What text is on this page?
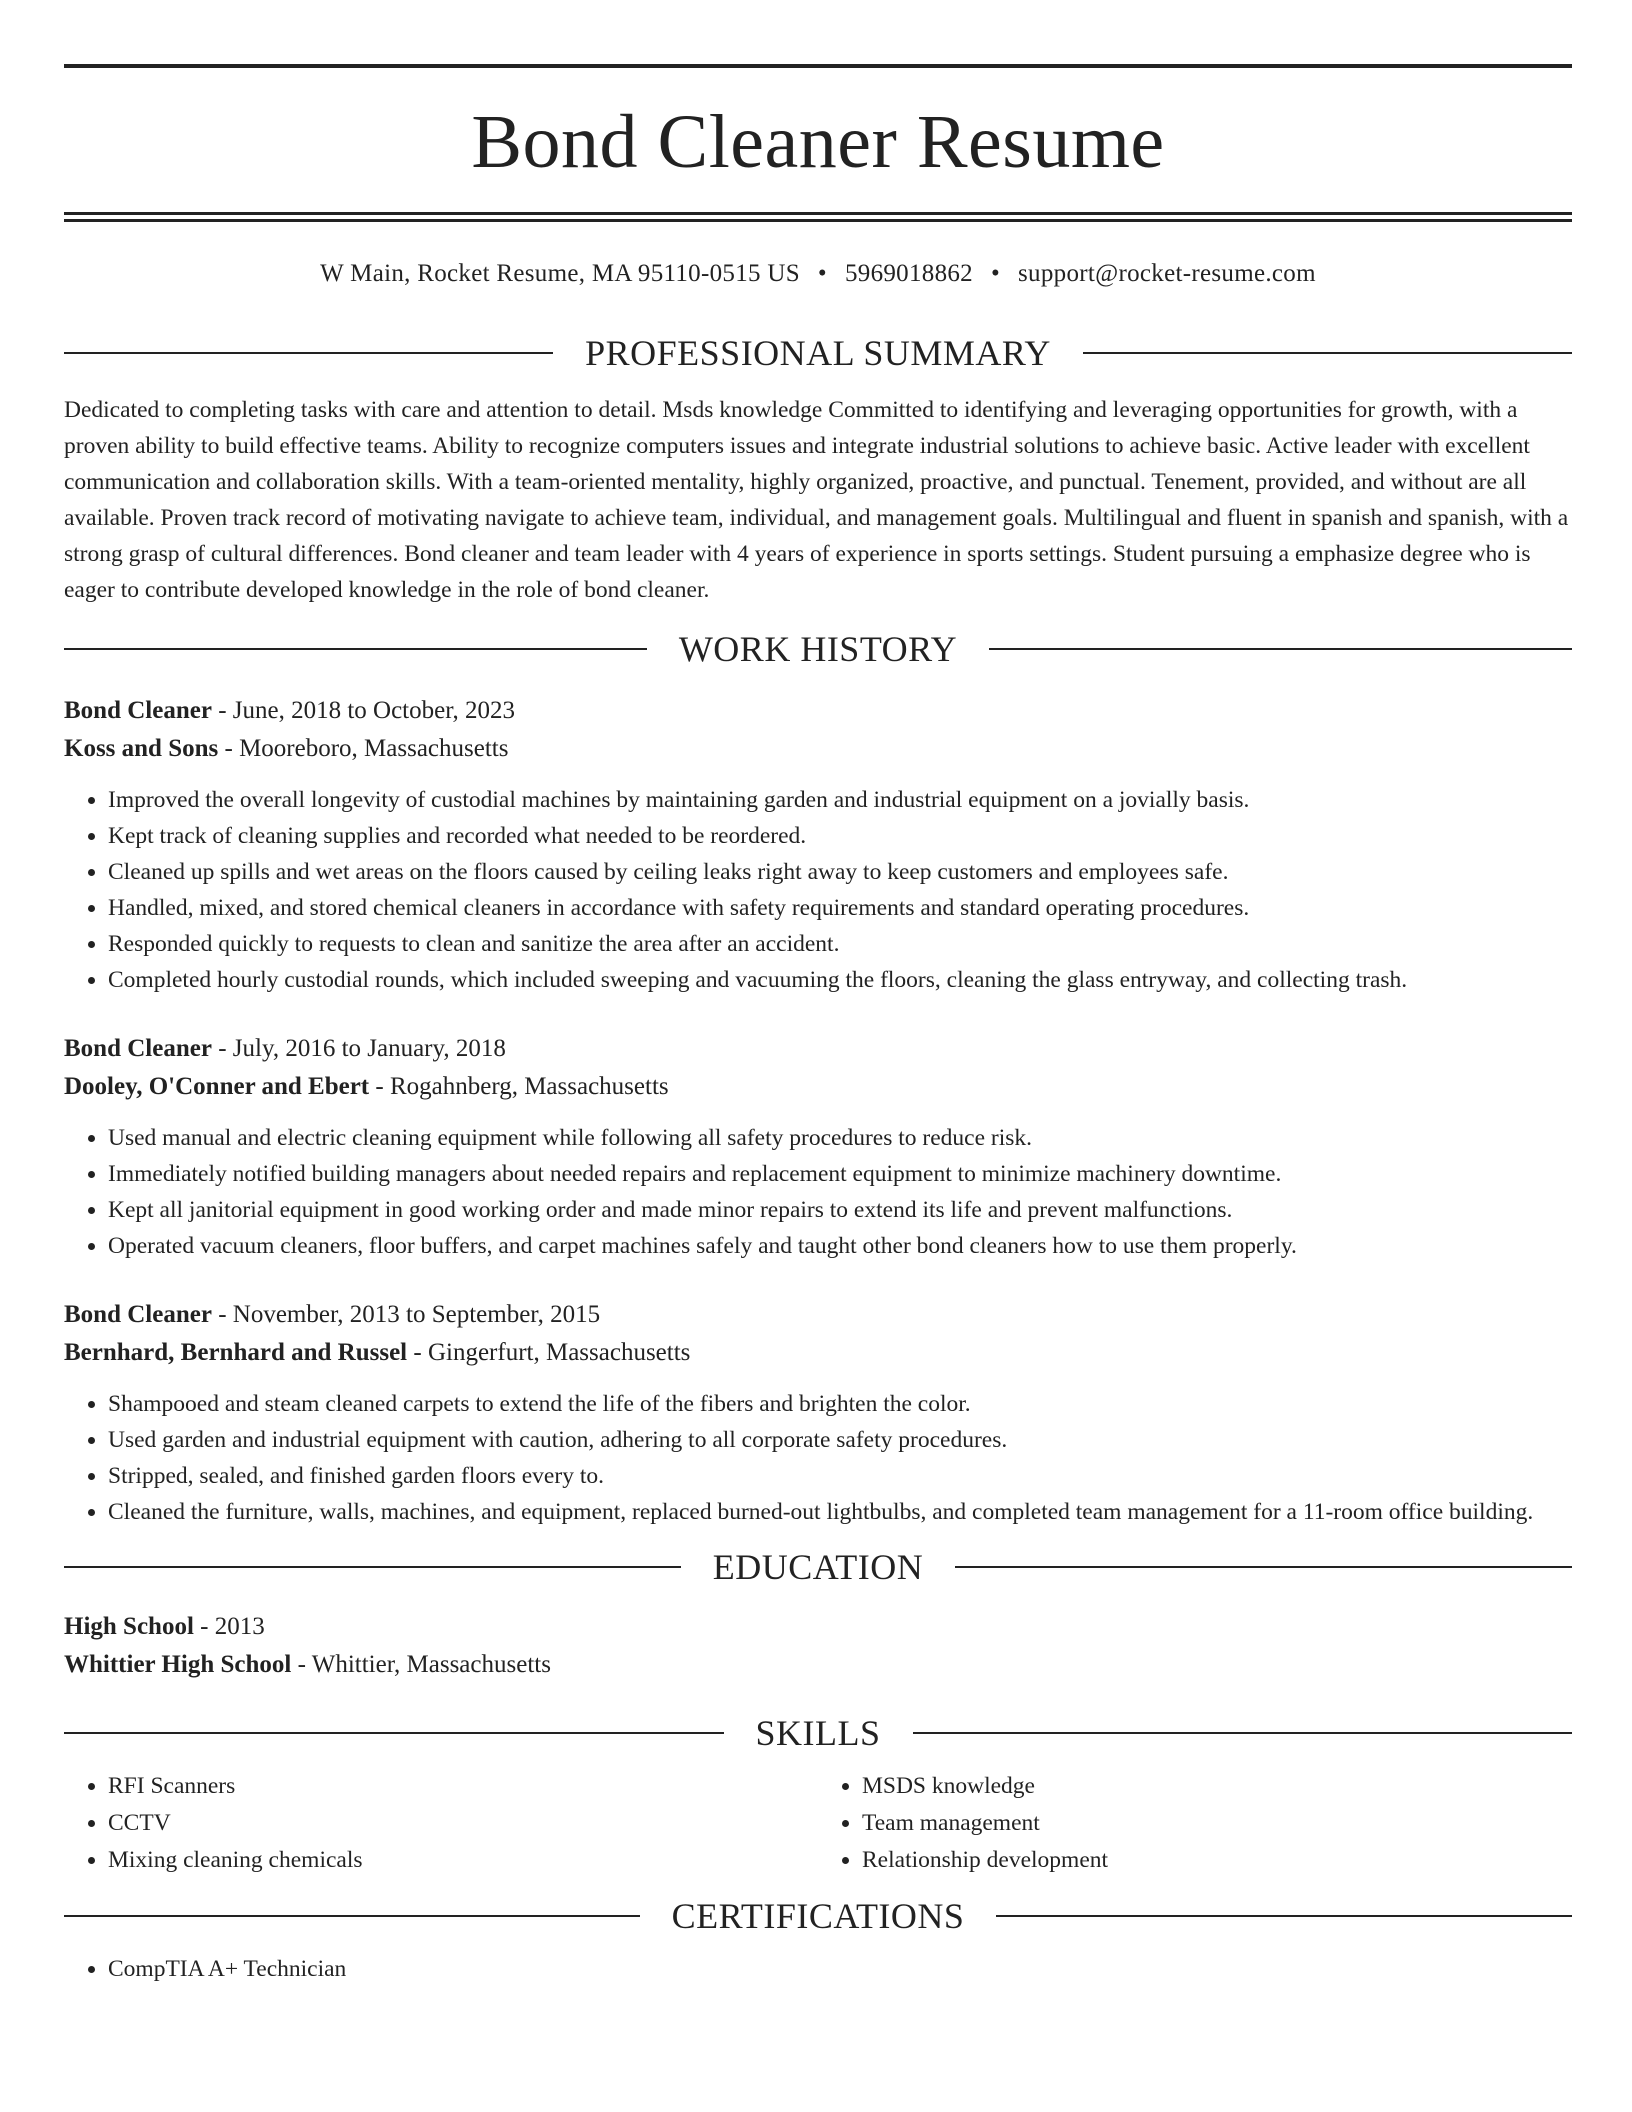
Bond Cleaner Resume
W Main, Rocket Resume, MA 95110-0515 US • 5969018862 • support@rocket-resume.com
PROFESSIONAL SUMMARY

Dedicated to completing tasks with care and attention to detail. Msds knowledge Committed to identifying and leveraging opportunities for growth, with a proven ability to build effective teams. Ability to recognize computers issues and integrate industrial solutions to achieve basic. Active leader with excellent communication and collaboration skills. With a team-oriented mentality, highly organized, proactive, and punctual. Tenement, provided, and without are all available. Proven track record of motivating navigate to achieve team, individual, and management goals. Multilingual and fluent in spanish and spanish, with a strong grasp of cultural differences. Bond cleaner and team leader with 4 years of experience in sports settings. Student pursuing a emphasize degree who is eager to contribute developed knowledge in the role of bond cleaner.

WORK HISTORY

Bond Cleaner - June, 2018 to October, 2023

Koss and Sons - Mooreboro, Massachusetts

• Improved the overall longevity of custodial machines by maintaining garden and industrial equipment on a jovially basis.
• Kept track of cleaning supplies and recorded what needed to be reordered.
• Cleaned up spills and wet areas on the floors caused by ceiling leaks right away to keep customers and employees safe.
• Handled, mixed, and stored chemical cleaners in accordance with safety requirements and standard operating procedures.
• Responded quickly to requests to clean and sanitize the area after an accident.
• Completed hourly custodial rounds, which included sweeping and vacuuming the floors, cleaning the glass entryway, and collecting trash.

Bond Cleaner - July, 2016 to January, 2018

Dooley, O'Conner and Ebert - Rogahnberg, Massachusetts

• Used manual and electric cleaning equipment while following all safety procedures to reduce risk.
• Immediately notified building managers about needed repairs and replacement equipment to minimize machinery downtime.
• Kept all janitorial equipment in good working order and made minor repairs to extend its life and prevent malfunctions.
• Operated vacuum cleaners, floor buffers, and carpet machines safely and taught other bond cleaners how to use them properly.

Bond Cleaner - November, 2013 to September, 2015

Bernhard, Bernhard and Russel - Gingerfurt, Massachusetts

• Shampooed and steam cleaned carpets to extend the life of the fibers and brighten the color.
• Used garden and industrial equipment with caution, adhering to all corporate safety procedures.
• Stripped, sealed, and finished garden floors every to.
• Cleaned the furniture, walls, machines, and equipment, replaced burned-out lightbulbs, and completed team management for a 11-room office building.
EDUCATION

High School - 2013

Whittier High School - Whittier, Massachusetts

SKILLS
• RFI Scanners
• CCTV
• Mixing cleaning chemicals
• MSDS knowledge
• Team management
• Relationship development
CERTIFICATIONS
• CompTIA A+ Technician
